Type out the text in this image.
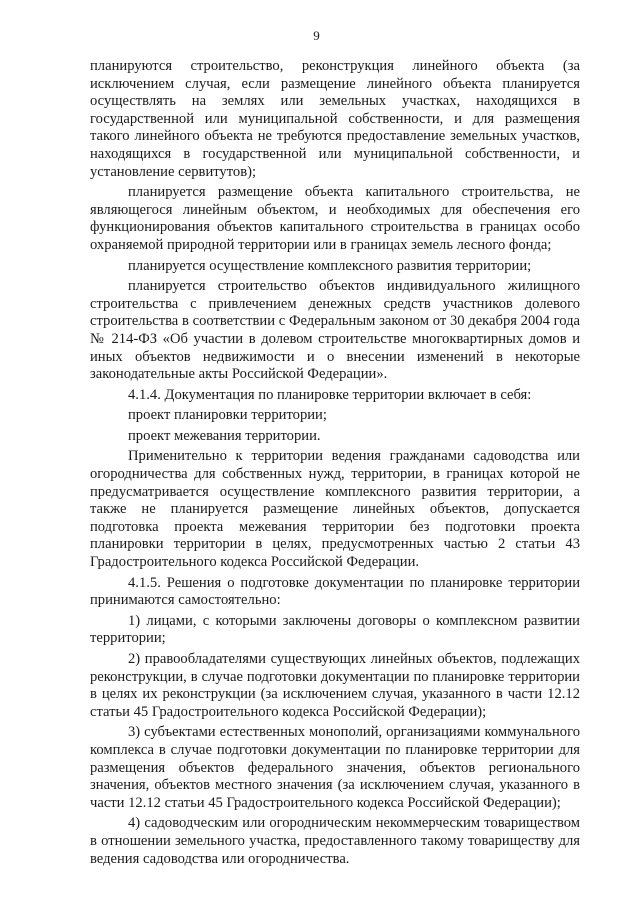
9

планируются строительство, реконструкция линейного объекта (за исключением случая, если размещение линейного объекта планируется осуществлять на землях или земельных участках, находящихся в государственной или муниципальной собственности, и для размещения такого линейного объекта не требуются предоставление земельных участков, находящихся в государственной или муниципальной собственности, и установление сервитутов);

планируется размещение объекта капитального строительства, не являющегося линейным объектом, и необходимых для обеспечения его функционирования объектов капитального строительства в границах особо охраняемой природной территории или в границах земель лесного фонда;

планируется осуществление комплексного развития территории;

планируется строительство объектов индивидуального жилищного строительства с привлечением денежных средств участников долевого строительства в соответствии с Федеральным законом от 30 декабря 2004 года № 214-ФЗ «Об участии в долевом строительстве многоквартирных домов и иных объектов недвижимости и о внесении изменений в некоторые законодательные акты Российской Федерации».

4.1.4. Документация по планировке территории включает в себя:

проект планировки территории;

проект межевания территории.

Применительно к территории ведения гражданами садоводства или огородничества для собственных нужд, территории, в границах которой не предусматривается осуществление комплексного развития территории, а также не планируется размещение линейных объектов, допускается подготовка проекта межевания территории без подготовки проекта планировки территории в целях, предусмотренных частью 2 статьи 43 Градостроительного кодекса Российской Федерации.

4.1.5. Решения о подготовке документации по планировке территории принимаются самостоятельно:

1) лицами, с которыми заключены договоры о комплексном развитии территории;

2) правообладателями существующих линейных объектов, подлежащих реконструкции, в случае подготовки документации по планировке территории в целях их реконструкции (за исключением случая, указанного в части 12.12 статьи 45 Градостроительного кодекса Российской Федерации);

3) субъектами естественных монополий, организациями коммунального комплекса в случае подготовки документации по планировке территории для размещения объектов федерального значения, объектов регионального значения, объектов местного значения (за исключением случая, указанного в части 12.12 статьи 45 Градостроительного кодекса Российской Федерации);

4) садоводческим или огородническим некоммерческим товариществом в отношении земельного участка, предоставленного такому товариществу для ведения садоводства или огородничества.
